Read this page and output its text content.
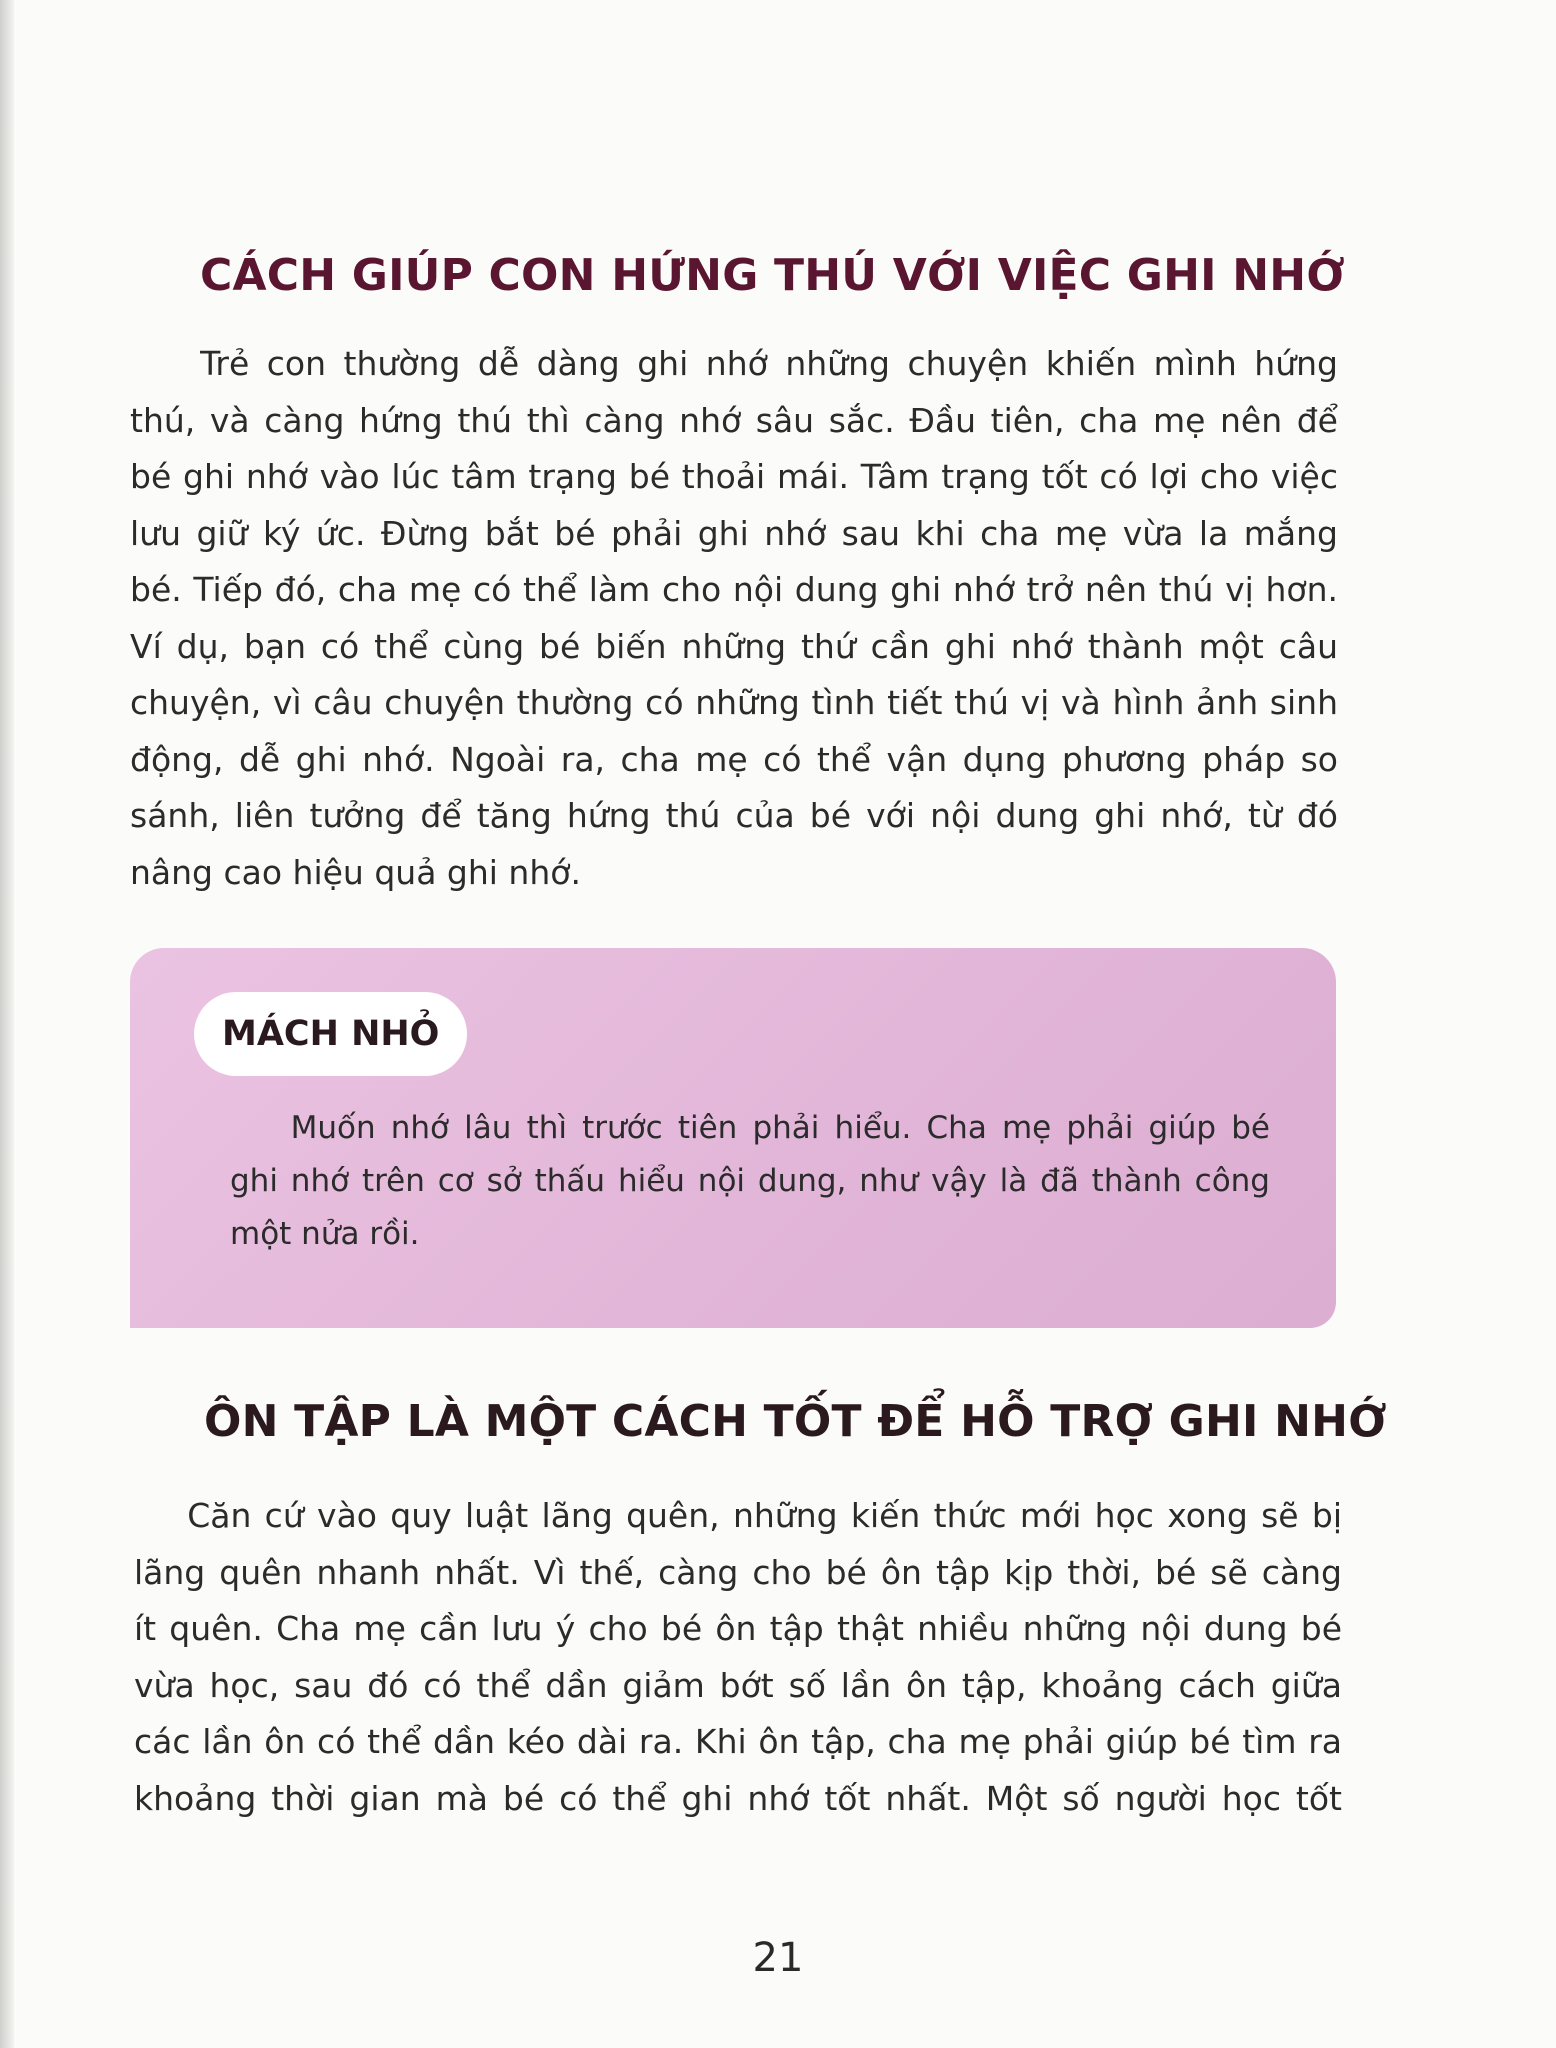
CÁCH GIÚP CON HỨNG THÚ VỚI VIỆC GHI NHỚ
Trẻ con thường dễ dàng ghi nhớ những chuyện khiến mình hứng
thú, và càng hứng thú thì càng nhớ sâu sắc. Đầu tiên, cha mẹ nên để
bé ghi nhớ vào lúc tâm trạng bé thoải mái. Tâm trạng tốt có lợi cho việc
lưu giữ ký ức. Đừng bắt bé phải ghi nhớ sau khi cha mẹ vừa la mắng
bé. Tiếp đó, cha mẹ có thể làm cho nội dung ghi nhớ trở nên thú vị hơn.
Ví dụ, bạn có thể cùng bé biến những thứ cần ghi nhớ thành một câu
chuyện, vì câu chuyện thường có những tình tiết thú vị và hình ảnh sinh
động, dễ ghi nhớ. Ngoài ra, cha mẹ có thể vận dụng phương pháp so
sánh, liên tưởng để tăng hứng thú của bé với nội dung ghi nhớ, từ đó
nâng cao hiệu quả ghi nhớ.
MÁCH NHỎ
Muốn nhớ lâu thì trước tiên phải hiểu. Cha mẹ phải giúp bé
ghi nhớ trên cơ sở thấu hiểu nội dung, như vậy là đã thành công
một nửa rồi.
ÔN TẬP LÀ MỘT CÁCH TỐT ĐỂ HỖ TRỢ GHI NHỚ
Căn cứ vào quy luật lãng quên, những kiến thức mới học xong sẽ bị
lãng quên nhanh nhất. Vì thế, càng cho bé ôn tập kịp thời, bé sẽ càng
ít quên. Cha mẹ cần lưu ý cho bé ôn tập thật nhiều những nội dung bé
vừa học, sau đó có thể dần giảm bớt số lần ôn tập, khoảng cách giữa
các lần ôn có thể dần kéo dài ra. Khi ôn tập, cha mẹ phải giúp bé tìm ra
khoảng thời gian mà bé có thể ghi nhớ tốt nhất. Một số người học tốt
21
